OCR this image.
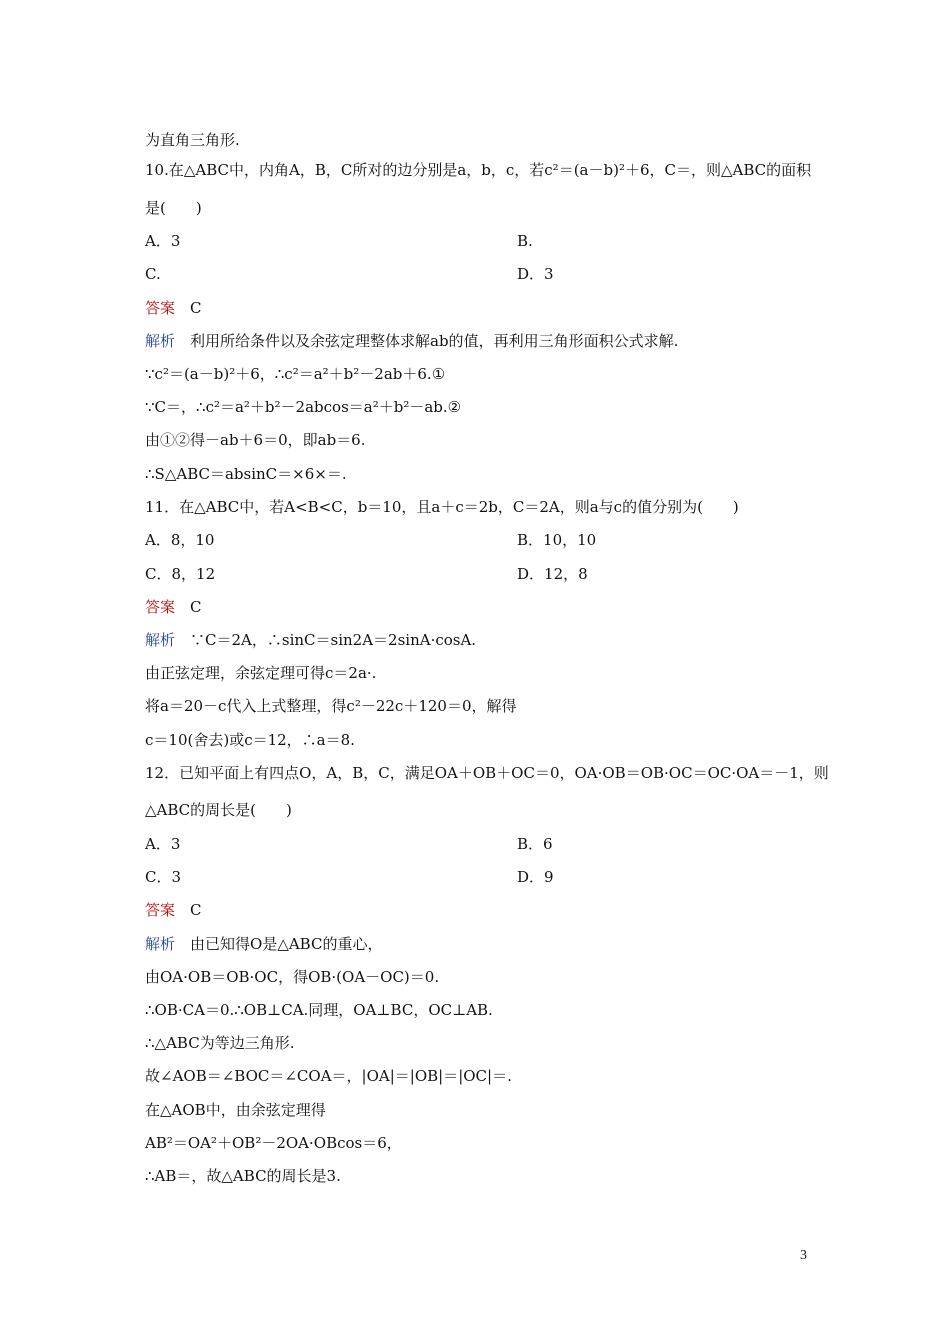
3
为直角三角形.
10.在△ABC中，内角A，B，C所对的边分别是a，b，c，若c²＝(a－b)²＋6，C＝，则△ABC的面积
是(　　)
答案　C
解析　利用所给条件以及余弦定理整体求解ab的值，再利用三角形面积公式求解.
∵c²＝(a－b)²＋6，∴c²＝a²＋b²－2ab＋6.①
∵C＝，∴c²＝a²＋b²－2abcos＝a²＋b²－ab.②
由①②得－ab＋6＝0，即ab＝6.
∴S△ABC＝absinC＝×6×＝.
11．在△ABC中，若A<B<C，b＝10，且a＋c＝2b，C＝2A，则a与c的值分别为(　　)
答案　C
解析　∵C＝2A，∴sinC＝sin2A＝2sinA·cosA.
由正弦定理，余弦定理可得c＝2a·.
将a＝20－c代入上式整理，得c²－22c＋120＝0，解得
c＝10(舍去)或c＝12，∴a＝8.
12．已知平面上有四点O，A，B，C，满足OA＋OB＋OC＝0，OA·OB＝OB·OC＝OC·OA＝－1，则
△ABC的周长是(　　)
答案　C
解析　由已知得O是△ABC的重心，
由OA·OB＝OB·OC，得OB·(OA－OC)＝0.
∴OB·CA＝0.∴OB⊥CA.同理，OA⊥BC，OC⊥AB.
∴△ABC为等边三角形.
故∠AOB＝∠BOC＝∠COA＝，|OA|＝|OB|＝|OC|＝.
在△AOB中，由余弦定理得
AB²＝OA²＋OB²－2OA·OBcos＝6，
∴AB＝，故△ABC的周长是3.
A．3	B.
C.	D．3
A．8，10	B．10，10
C．8，12	D．12，8
A．3	B．6
C．3	D．9
